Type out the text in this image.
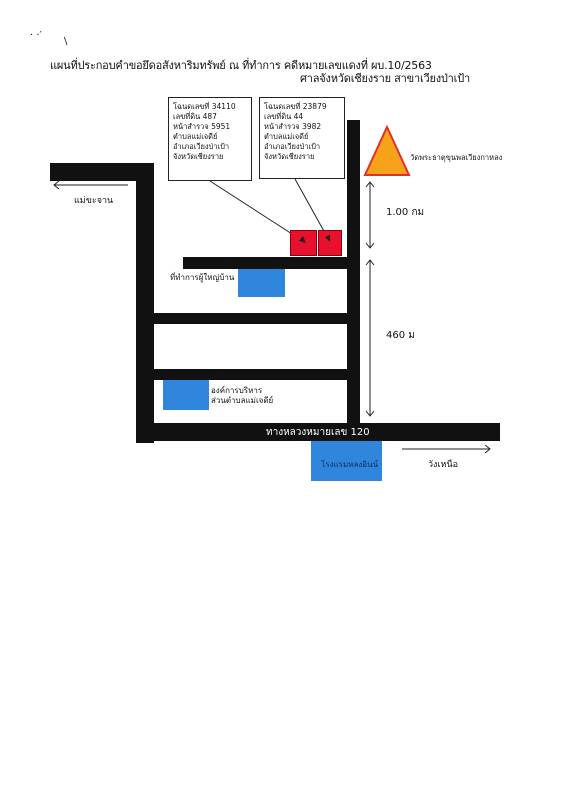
· ·′
\
แผนที่ประกอบคำขอยึดอสังหาริมทรัพย์ ณ ที่ทำการ คดีหมายเลขแดงที่ ผบ.10/2563
ศาลจังหวัดเชียงราย สาขาเวียงป่าเป้า
ทางหลวงหมายเลข 120
ทางหลวงหมายเลข 120
แม่ขะจาน
วังเหนือ
โฉนดเลขที่ 34110
เลขที่ดิน 487
หน้าสำรวจ 5951
ตำบลแม่เจดีย์
อำเภอเวียงป่าเป้า
จังหวัดเชียงราย
โฉนดเลขที่ 23879
เลขที่ดิน 44
หน้าสำรวจ 3982
ตำบลแม่เจดีย์
อำเภอเวียงป่าเป้า
จังหวัดเชียงราย	วัดพระธาตุขุนพลเวียงกาหลง
1.00 กม
460 ม
ที่ทำการผู้ใหญ่บ้าน
องค์การบริหาร
ส่วนตำบลแม่เจดีย์
โรงแรมหลงอินน์
